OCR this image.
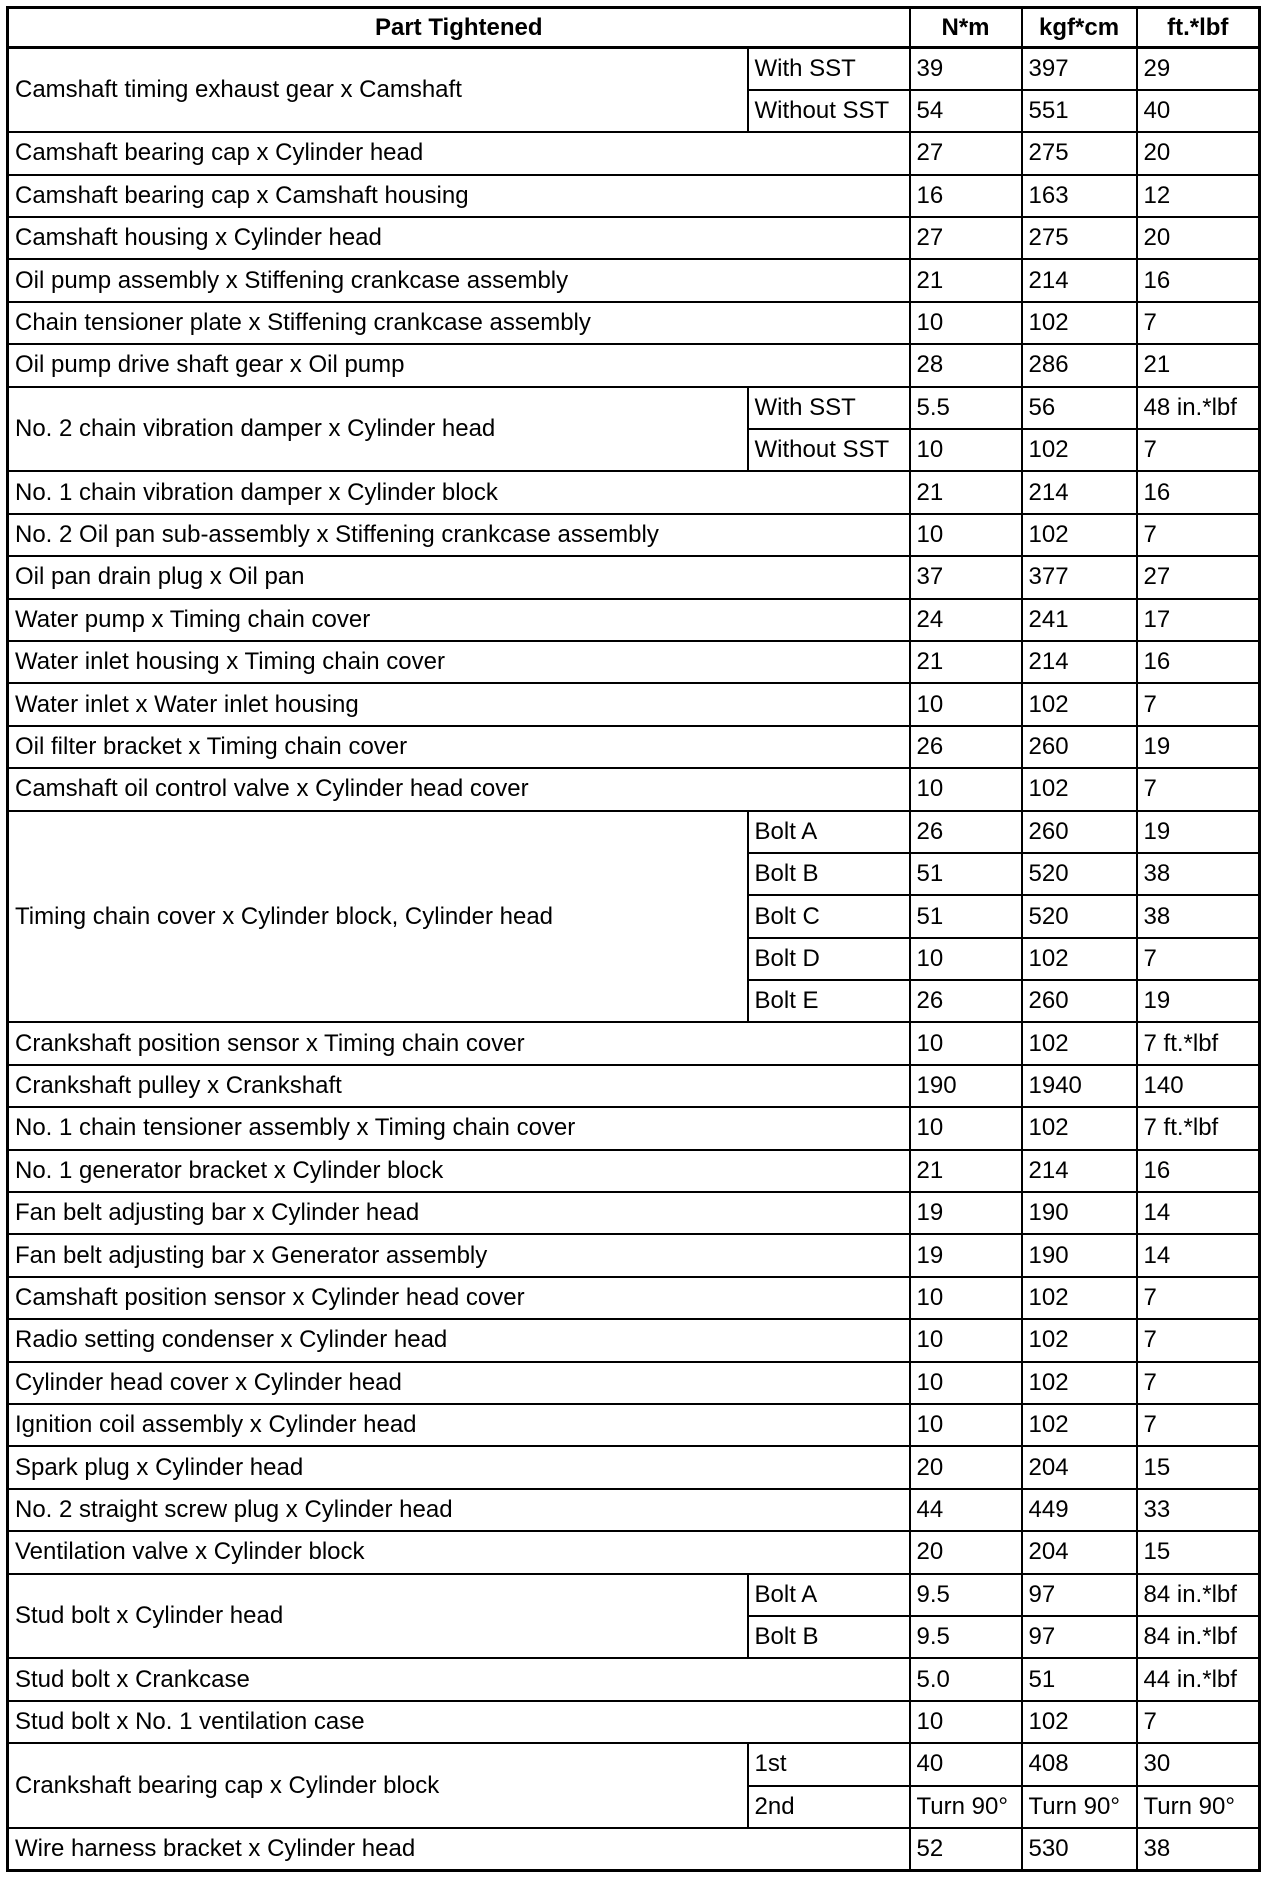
Part Tightened		N*m	kgf*cm	ft.*lbf
Camshaft timing exhaust gear x Camshaft	With SST	39	397	29
	Without SST	54	551	40
Camshaft bearing cap x Cylinder head		27	275	20
Camshaft bearing cap x Camshaft housing		16	163	12
Camshaft housing x Cylinder head		27	275	20
Oil pump assembly x Stiffening crankcase assembly		21	214	16
Chain tensioner plate x Stiffening crankcase assembly		10	102	7
Oil pump drive shaft gear x Oil pump		28	286	21
No. 2 chain vibration damper x Cylinder head	With SST	5.5	56	48 in.*lbf
	Without SST	10	102	7
No. 1 chain vibration damper x Cylinder block		21	214	16
No. 2 Oil pan sub-assembly x Stiffening crankcase assembly		10	102	7
Oil pan drain plug x Oil pan		37	377	27
Water pump x Timing chain cover		24	241	17
Water inlet housing x Timing chain cover		21	214	16
Water inlet x Water inlet housing		10	102	7
Oil filter bracket x Timing chain cover		26	260	19
Camshaft oil control valve x Cylinder head cover		10	102	7
Timing chain cover x Cylinder block, Cylinder head	Bolt A	26	260	19
	Bolt B	51	520	38
	Bolt C	51	520	38
	Bolt D	10	102	7
	Bolt E	26	260	19
Crankshaft position sensor x Timing chain cover		10	102	7 ft.*lbf
Crankshaft pulley x Crankshaft		190	1940	140
No. 1 chain tensioner assembly x Timing chain cover		10	102	7 ft.*lbf
No. 1 generator bracket x Cylinder block		21	214	16
Fan belt adjusting bar x Cylinder head		19	190	14
Fan belt adjusting bar x Generator assembly		19	190	14
Camshaft position sensor x Cylinder head cover		10	102	7
Radio setting condenser x Cylinder head		10	102	7
Cylinder head cover x Cylinder head		10	102	7
Ignition coil assembly x Cylinder head		10	102	7
Spark plug x Cylinder head		20	204	15
No. 2 straight screw plug x Cylinder head		44	449	33
Ventilation valve x Cylinder block		20	204	15
Stud bolt x Cylinder head	Bolt A	9.5	97	84 in.*lbf
	Bolt B	9.5	97	84 in.*lbf
Stud bolt x Crankcase		5.0	51	44 in.*lbf
Stud bolt x No. 1 ventilation case		10	102	7
Crankshaft bearing cap x Cylinder block	1st	40	408	30
	2nd	Turn 90°	Turn 90°	Turn 90°
Wire harness bracket x Cylinder head		52	530	38
